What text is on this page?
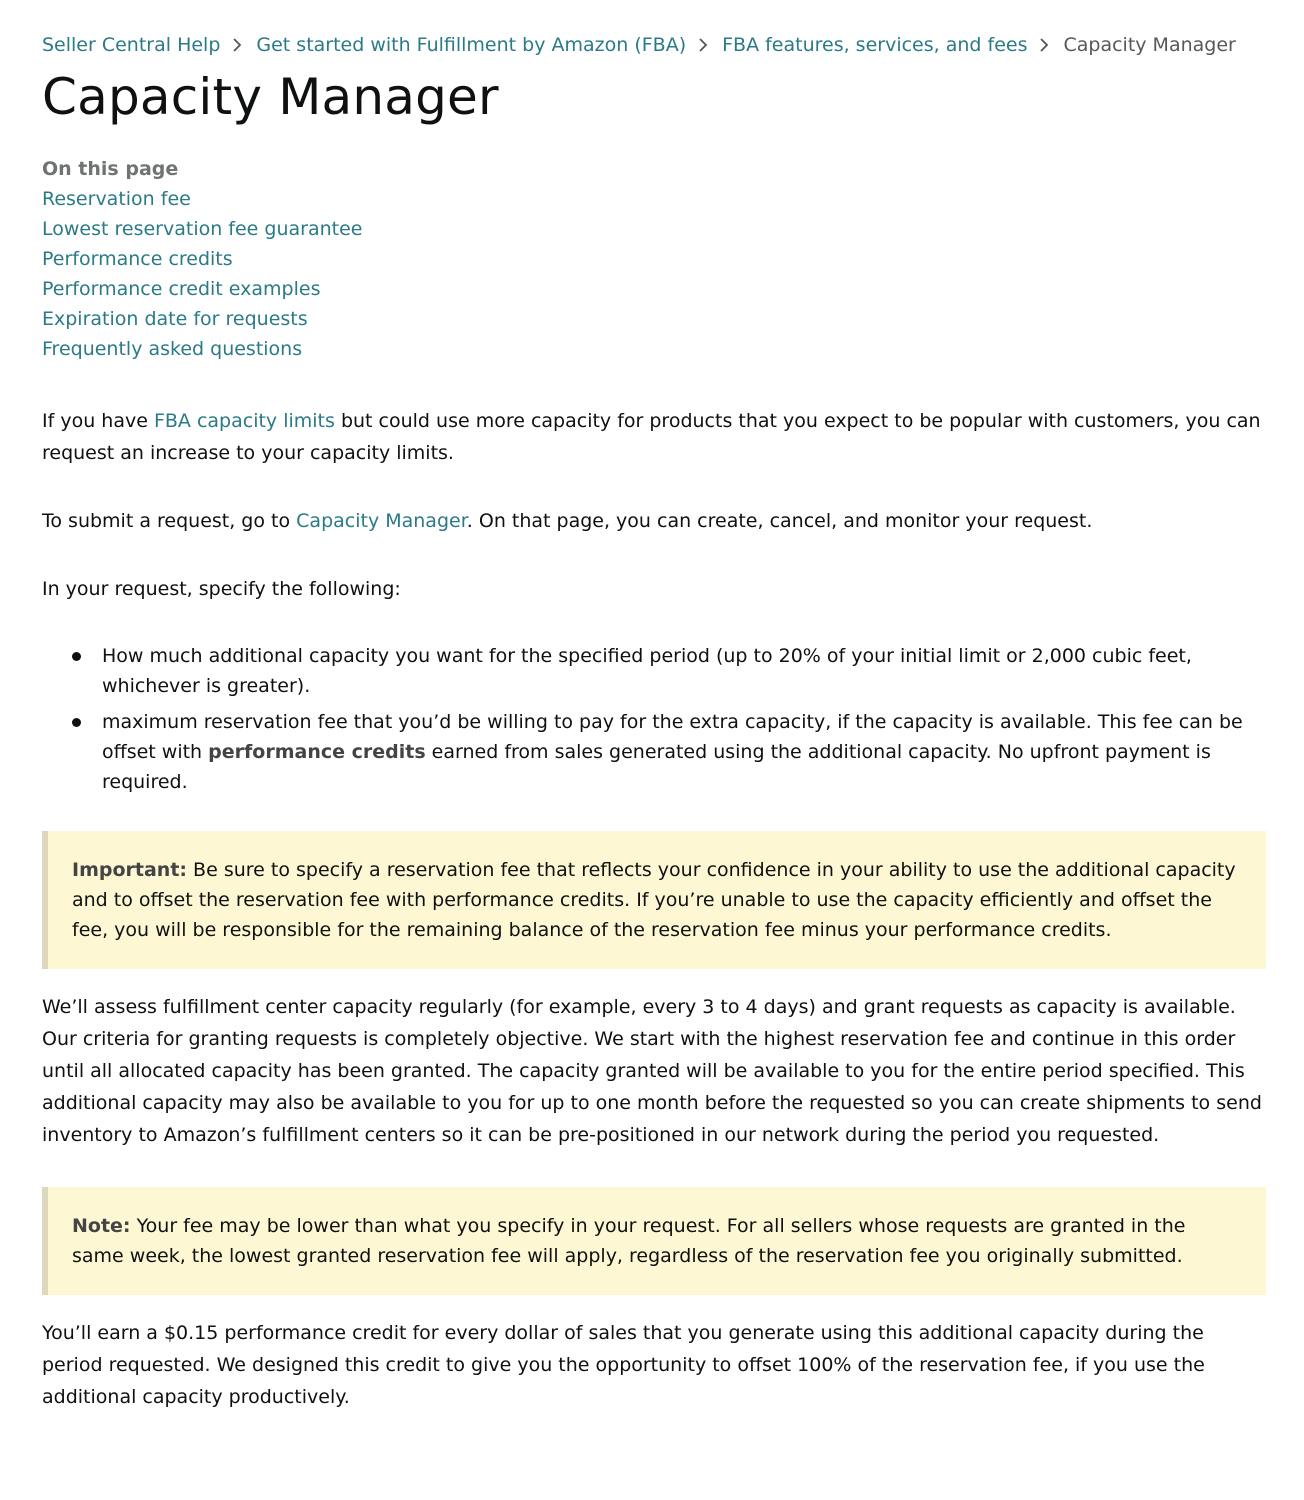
Seller Central Help Get started with Fulfillment by Amazon (FBA) FBA features, services, and fees Capacity Manager
Capacity Manager
On this page
Reservation fee
Lowest reservation fee guarantee
Performance credits
Performance credit examples
Expiration date for requests
Frequently asked questions

If you have FBA capacity limits but could use more capacity for products that you expect to be popular with customers, you can request an increase to your capacity limits.

To submit a request, go to Capacity Manager. On that page, you can create, cancel, and monitor your request.

In your request, specify the following:

How much additional capacity you want for the specified period (up to 20% of your initial limit or 2,000 cubic feet, whichever is greater).
maximum reservation fee that you’d be willing to pay for the extra capacity, if the capacity is available. This fee can be offset with performance credits earned from sales generated using the additional capacity. No upfront payment is required.
Important: Be sure to specify a reservation fee that reflects your confidence in your ability to use the additional capacity and to offset the reservation fee with performance credits. If you’re unable to use the capacity efficiently and offset the fee, you will be responsible for the remaining balance of the reservation fee minus your performance credits.

We’ll assess fulfillment center capacity regularly (for example, every 3 to 4 days) and grant requests as capacity is available. Our criteria for granting requests is completely objective. We start with the highest reservation fee and continue in this order until all allocated capacity has been granted. The capacity granted will be available to you for the entire period specified. This additional capacity may also be available to you for up to one month before the requested so you can create shipments to send inventory to Amazon’s fulfillment centers so it can be pre-positioned in our network during the period you requested.

Note: Your fee may be lower than what you specify in your request. For all sellers whose requests are granted in the same week, the lowest granted reservation fee will apply, regardless of the reservation fee you originally submitted.

You’ll earn a $0.15 performance credit for every dollar of sales that you generate using this additional capacity during the period requested. We designed this credit to give you the opportunity to offset 100% of the reservation fee, if you use the additional capacity productively.
